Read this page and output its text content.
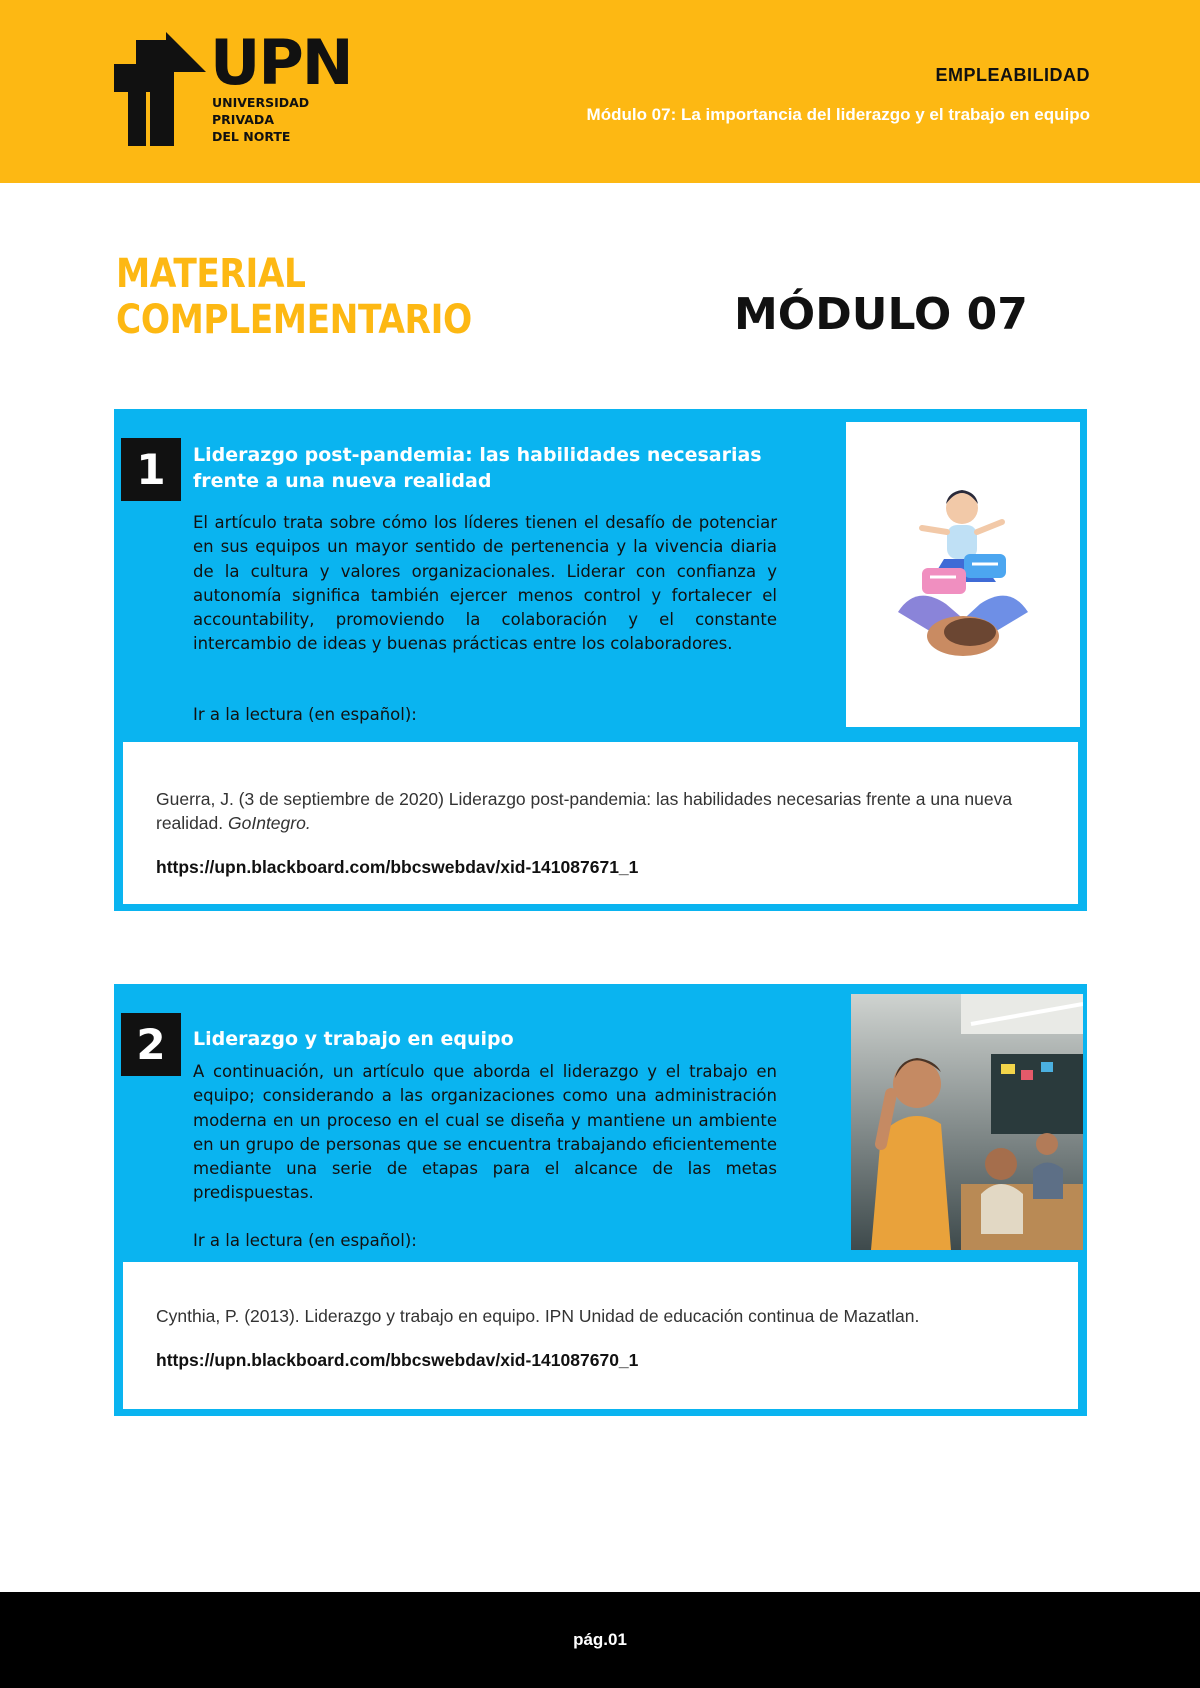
UPN
UNIVERSIDAD
PRIVADA
DEL NORTE
EMPLEABILIDAD
Módulo 07: La importancia del liderazgo y el trabajo en equipo
MATERIAL
COMPLEMENTARIO	MÓDULO 07
1	Liderazgo post-pandemia: las habilidades necesarias frente a una nueva realidad
El artículo trata sobre cómo los líderes tienen el desafío de potenciar en sus equipos un mayor sentido de pertenencia y la vivencia diaria de la cultura y valores organizacionales. Liderar con confianza y autonomía significa también ejercer menos control y fortalecer el accountability, promoviendo la colaboración y el constante intercambio de ideas y buenas prácticas entre los colaboradores.
Ir a la lectura (en español):
Guerra, J. (3 de septiembre de 2020) Liderazgo post-pandemia: las habilidades necesarias frente a una nueva realidad. GoIntegro.
https://upn.blackboard.com/bbcswebdav/xid-141087671_1
2	Liderazgo y trabajo en equipo
A continuación, un artículo que aborda el liderazgo y el trabajo en equipo; considerando a las organizaciones como una administración moderna en un proceso en el cual se diseña y mantiene un ambiente en un grupo de personas que se encuentra trabajando eficientemente mediante una serie de etapas para el alcance de las metas predispuestas.
Ir a la lectura (en español):
Cynthia, P. (2013). Liderazgo y trabajo en equipo. IPN Unidad de educación continua de Mazatlan.
https://upn.blackboard.com/bbcswebdav/xid-141087670_1
pág.01
